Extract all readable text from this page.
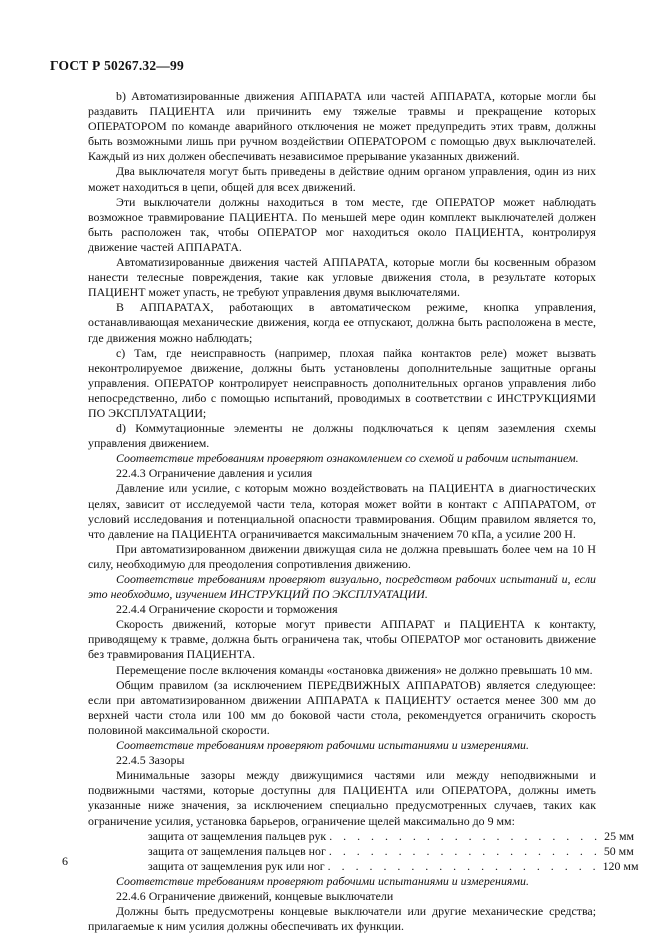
ГОСТ Р 50267.32—99

b) Автоматизированные движения АППАРАТА или частей АППАРАТА, которые могли бы раздавить ПАЦИЕНТА или причинить ему тяжелые травмы и прекращение которых ОПЕРАТОРОМ по команде аварийного отключения не может предупредить этих травм, должны быть возможными лишь при ручном воздействии ОПЕРАТОРОМ с помощью двух выключателей. Каждый из них должен обеспечивать независимое прерывание указанных движений.

Два выключателя могут быть приведены в действие одним органом управления, один из них может находиться в цепи, общей для всех движений.

Эти выключатели должны находиться в том месте, где ОПЕРАТОР может наблюдать возможное травмирование ПАЦИЕНТА. По меньшей мере один комплект выключателей должен быть расположен так, чтобы ОПЕРАТОР мог находиться около ПАЦИЕНТА, контролируя движение частей АППАРАТА.

Автоматизированные движения частей АППАРАТА, которые могли бы косвенным образом нанести телесные повреждения, такие как угловые движения стола, в результате которых ПАЦИЕНТ может упасть, не требуют управления двумя выключателями.

В АППАРАТАХ, работающих в автоматическом режиме, кнопка управления, останавливающая механические движения, когда ее отпускают, должна быть расположена в месте, где движения можно наблюдать;

c) Там, где неисправность (например, плохая пайка контактов реле) может вызвать неконтролируемое движение, должны быть установлены дополнительные защитные органы управления. ОПЕРАТОР контролирует неисправность дополнительных органов управления либо непосредственно, либо с помощью испытаний, проводимых в соответствии с ИНСТРУКЦИЯМИ ПО ЭКСПЛУАТАЦИИ;

d) Коммутационные элементы не должны подключаться к цепям заземления схемы управления движением.

Соответствие требованиям проверяют ознакомлением со схемой и рабочим испытанием.

22.4.3 Ограничение давления и усилия

Давление или усилие, с которым можно воздействовать на ПАЦИЕНТА в диагностических целях, зависит от исследуемой части тела, которая может войти в контакт с АППАРАТОМ, от условий исследования и потенциальной опасности травмирования. Общим правилом является то, что давление на ПАЦИЕНТА ограничивается максимальным значением 70 кПа, а усилие 200 Н.

При автоматизированном движении движущая сила не должна превышать более чем на 10 Н силу, необходимую для преодоления сопротивления движению.

Соответствие требованиям проверяют визуально, посредством рабочих испытаний и, если это необходимо, изучением ИНСТРУКЦИЙ ПО ЭКСПЛУАТАЦИИ.

22.4.4 Ограничение скорости и торможения

Скорость движений, которые могут привести АППАРАТ и ПАЦИЕНТА к контакту, приводящему к травме, должна быть ограничена так, чтобы ОПЕРАТОР мог остановить движение без травмирования ПАЦИЕНТА.

Перемещение после включения команды «остановка движения» не должно превышать 10 мм.

Общим правилом (за исключением ПЕРЕДВИЖНЫХ АППАРАТОВ) является следующее: если при автоматизированном движении АППАРАТА к ПАЦИЕНТУ остается менее 300 мм до верхней части стола или 100 мм до боковой части стола, рекомендуется ограничить скорость половиной максимальной скорости.

Соответствие требованиям проверяют рабочими испытаниями и измерениями.

22.4.5 Зазоры

Минимальные зазоры между движущимися частями или между неподвижными и подвижными частями, которые доступны для ПАЦИЕНТА или ОПЕРАТОРА, должны иметь указанные ниже значения, за исключением специально предусмотренных случаев, таких как ограничение усилия, установка барьеров, ограничение щелей максимально до 9 мм:

защита от защемления пальцев рук . . . . . . . . . . . . . . . . . . . . 25 мм
защита от защемления пальцев ног . . . . . . . . . . . . . . . . . . . . 50 мм
защита от защемления рук или ног . . . . . . . . . . . . . . . . . . . . 120 мм

Соответствие требованиям проверяют рабочими испытаниями и измерениями.

22.4.6 Ограничение движений, концевые выключатели

Должны быть предусмотрены концевые выключатели или другие механические средства; прилагаемые к ним усилия должны обеспечивать их функции.

6
